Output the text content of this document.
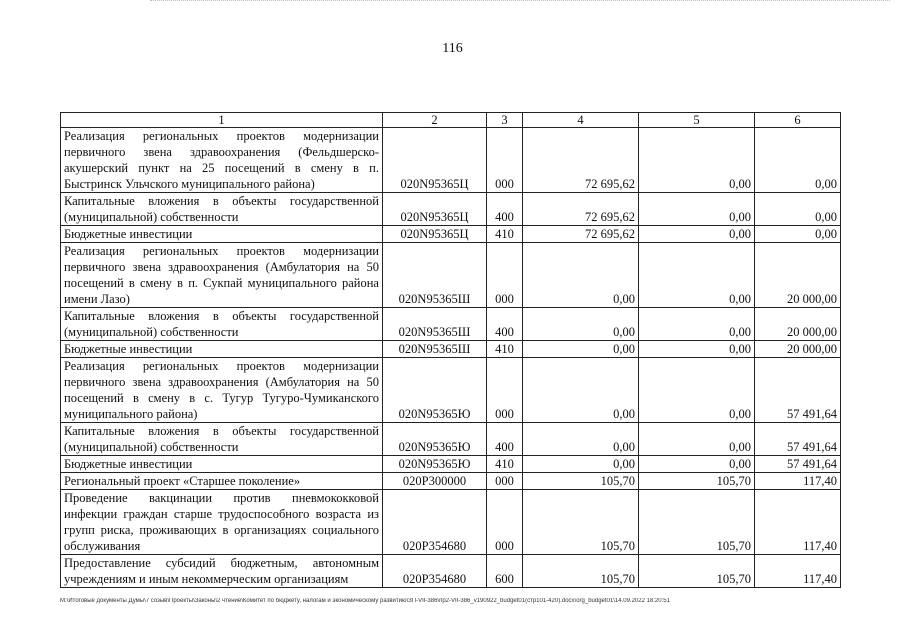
116
1	2	3	4	5	6
Реализация региональных проектов модернизации первичного звена здравоохранения (Фельдшерско-акушерский пункт на 25 посещений в смену в п. Быстринск Ульчского муниципального района)	020N95365Ц	000	72 695,62	0,00	0,00
Капитальные вложения в объекты государственной (муниципальной) собственности	020N95365Ц	400	72 695,62	0,00	0,00
Бюджетные инвестиции	020N95365Ц	410	72 695,62	0,00	0,00
Реализация региональных проектов модернизации первичного звена здравоохранения (Амбулатория на 50 посещений в смену в п. Сукпай муниципального района имени Лазо)	020N95365Ш	000	0,00	0,00	20 000,00
Капитальные вложения в объекты государственной (муниципальной) собственности	020N95365Ш	400	0,00	0,00	20 000,00
Бюджетные инвестиции	020N95365Ш	410	0,00	0,00	20 000,00
Реализация региональных проектов модернизации первичного звена здравоохранения (Амбулатория на 50 посещений в смену в с. Тугур Тугуро-Чумиканского муниципального района)	020N95365Ю	000	0,00	0,00	57 491,64
Капитальные вложения в объекты государственной (муниципальной) собственности	020N95365Ю	400	0,00	0,00	57 491,64
Бюджетные инвестиции	020N95365Ю	410	0,00	0,00	57 491,64
Региональный проект «Старшее поколение»	020P300000	000	105,70	105,70	117,40
Проведение вакцинации против пневмококковой инфекции граждан старше трудоспособного возраста из групп риска, проживающих в организациях социального обслуживания	020P354680	000	105,70	105,70	117,40
Предоставление субсидий бюджетным, автономным учреждениям и иным некоммерческим организациям	020P354680	600	105,70	105,70	117,40
M:\Итоговые документы Думы\7 созыв\Проекты\Законы\2 чтение\Комитет по бюджету, налогам и экономическому развитию\ЗП-VII-386\пр2-VII-386_v190922_budget01(стр101-420).docx\org_budget01\14.09.2022 18:20:51
